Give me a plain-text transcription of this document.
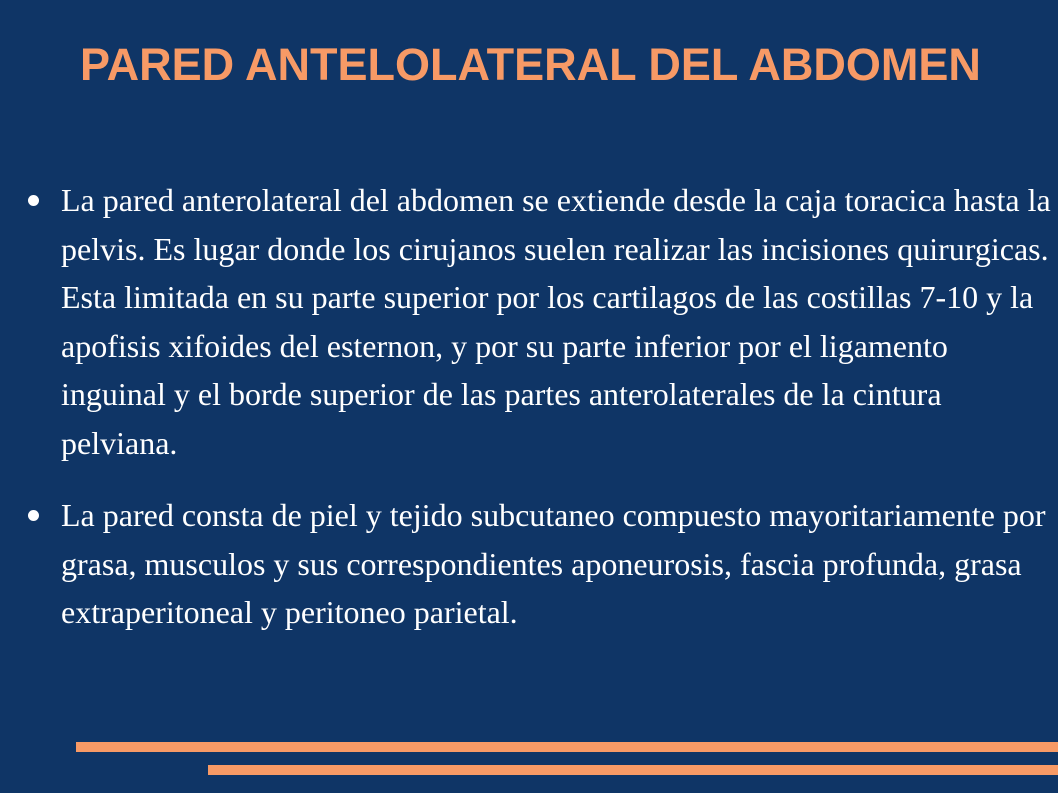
PARED ANTELOLATERAL DEL ABDOMEN
La pared anterolateral del abdomen se extiende desde la caja toracica hasta la pelvis. Es lugar donde los cirujanos suelen realizar las incisiones quirurgicas. Esta limitada en su parte superior por los cartilagos de las costillas 7-10 y la apofisis xifoides del esternon, y por su parte inferior por el ligamento inguinal y el borde superior de las partes anterolaterales de la cintura pelviana.
La pared consta de piel y tejido subcutaneo compuesto mayoritariamente por grasa, musculos y sus correspondientes aponeurosis, fascia profunda, grasa extraperitoneal y peritoneo parietal.
